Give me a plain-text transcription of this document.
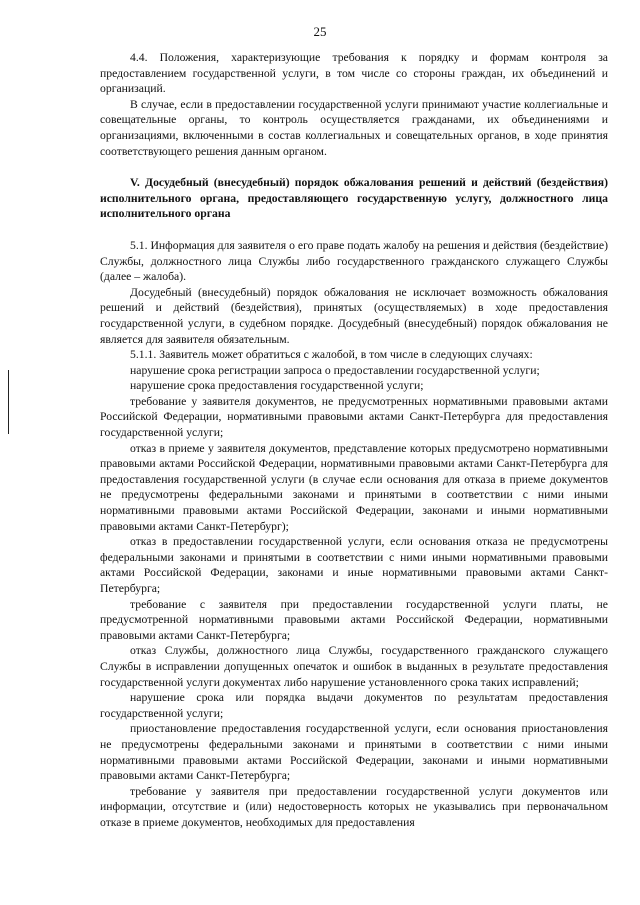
25

4.4. Положения, характеризующие требования к порядку и формам контроля за предоставлением государственной услуги, в том числе со стороны граждан, их объединений и организаций.

В случае, если в предоставлении государственной услуги принимают участие коллегиальные и совещательные органы, то контроль осуществляется гражданами, их объединениями и организациями, включенными в состав коллегиальных и совещательных органов, в ходе принятия соответствующего решения данным органом.

V. Досудебный (внесудебный) порядок обжалования решений и действий (бездействия) исполнительного органа, предоставляющего государственную услугу, должностного лица исполнительного органа

5.1. Информация для заявителя о его праве подать жалобу на решения и действия (бездействие) Службы, должностного лица Службы либо государственного гражданского служащего Службы (далее – жалоба).

Досудебный (внесудебный) порядок обжалования не исключает возможность обжалования решений и действий (бездействия), принятых (осуществляемых) в ходе предоставления государственной услуги, в судебном порядке. Досудебный (внесудебный) порядок обжалования не является для заявителя обязательным.

5.1.1. Заявитель может обратиться с жалобой, в том числе в следующих случаях:

нарушение срока регистрации запроса о предоставлении государственной услуги;

нарушение срока предоставления государственной услуги;

требование у заявителя документов, не предусмотренных нормативными правовыми актами Российской Федерации, нормативными правовыми актами Санкт-Петербурга для предоставления государственной услуги;

отказ в приеме у заявителя документов, представление которых предусмотрено нормативными правовыми актами Российской Федерации, нормативными правовыми актами Санкт-Петербурга для предоставления государственной услуги (в случае если основания для отказа в приеме документов не предусмотрены федеральными законами и принятыми в соответствии с ними иными нормативными правовыми актами Российской Федерации, законами и иными нормативными правовыми актами Санкт-Петербург);

отказ в предоставлении государственной услуги, если основания отказа не предусмотрены федеральными законами и принятыми в соответствии с ними иными нормативными правовыми актами Российской Федерации, законами и иные нормативными правовыми актами Санкт-Петербурга;

требование с заявителя при предоставлении государственной услуги платы, не предусмотренной нормативными правовыми актами Российской Федерации, нормативными правовыми актами Санкт-Петербурга;

отказ Службы, должностного лица Службы, государственного гражданского служащего Службы в исправлении допущенных опечаток и ошибок в выданных в результате предоставления государственной услуги документах либо нарушение установленного срока таких исправлений;

нарушение срока или порядка выдачи документов по результатам предоставления государственной услуги;

приостановление предоставления государственной услуги, если основания приостановления не предусмотрены федеральными законами и принятыми в соответствии с ними иными нормативными правовыми актами Российской Федерации, законами и иными нормативными правовыми актами Санкт-Петербурга;

требование у заявителя при предоставлении государственной услуги документов или информации, отсутствие и (или) недостоверность которых не указывались при первоначальном отказе в приеме документов, необходимых для предоставления
